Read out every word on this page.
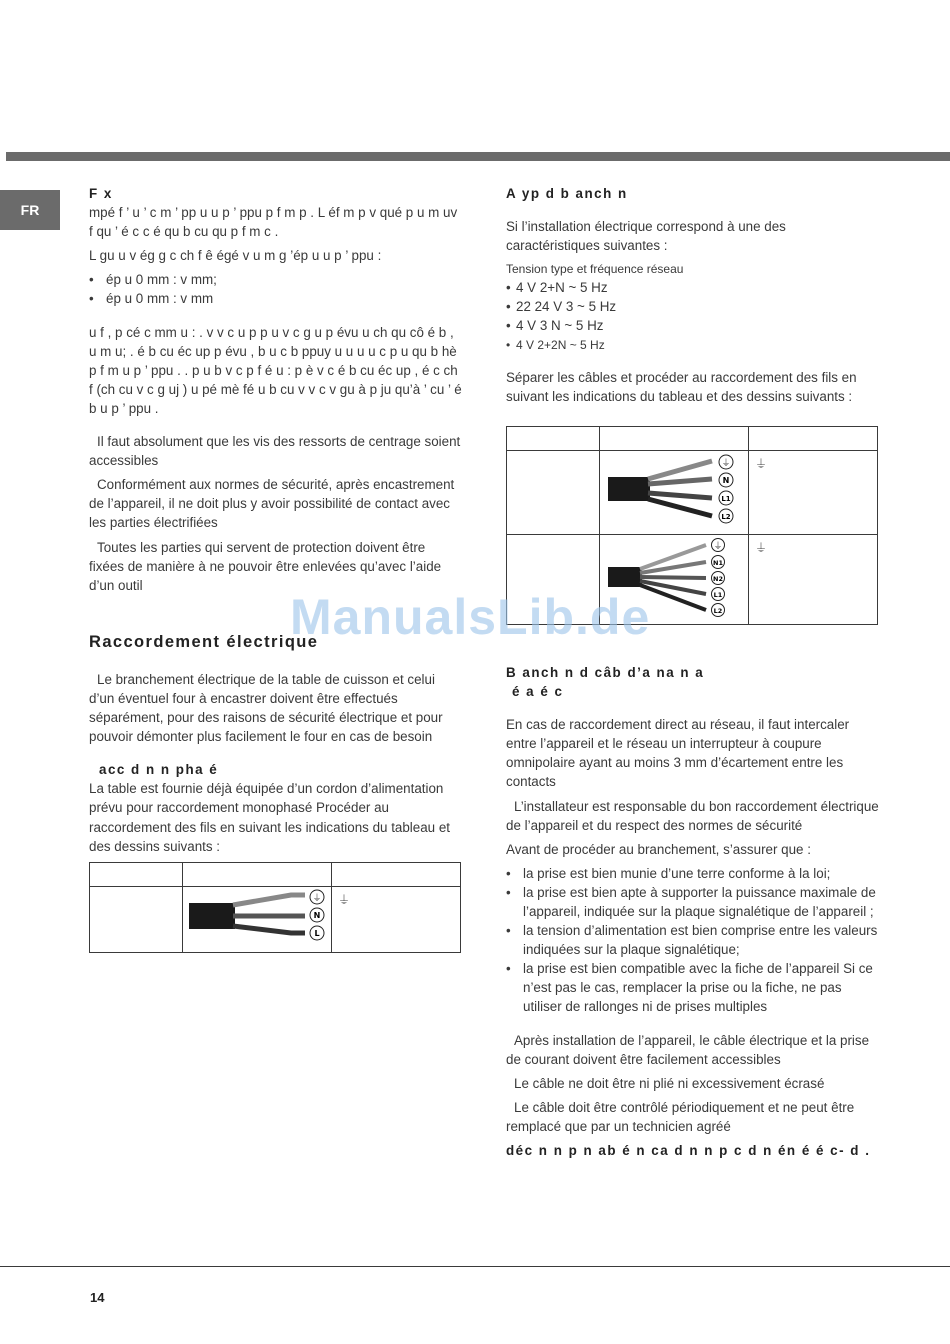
FR
F x

mpé f ’ u ’ c m ’ pp u u p ’ ppu p f m p . L éf m p v qué p u m uv f qu ’ é c c é qu b cu qu p f m c .

L gu u v ég g c ch f ê égé v u m g ’ép u u p ’ ppu :

• ép u 0 mm : v mm;
• ép u 0 mm : v mm

u f , p cé c mm u : . v v c u p p u v c g u p évu u ch qu cô é b , u m u; . é b cu éc up p évu , b u c b ppuy u u u u c p u qu b hè p f m u p ’ ppu . . p u b v c p f é u : p è v c é b cu éc up , é c ch f (ch cu v c g uj ) u pé mè fé u b cu v v c v gu à p ju qu’à ’ cu ’ é b u p ’ ppu .

Il faut absolument que les vis des ressorts de centrage soient accessibles

Conformément aux normes de sécurité, après encastrement de l’appareil, il ne doit plus y avoir possibilité de contact avec les parties électrifiées

Toutes les parties qui servent de protection doivent être fixées de manière à ne pouvoir être enlevées qu’avec l’aide d’un outil

Raccordement électrique

Le branchement électrique de la table de cuisson et celui d’un éventuel four à encastrer doivent être effectués séparément, pour des raisons de sécurité électrique et pour pouvoir démonter plus facilement le four en cas de besoin

acc d n n pha é

La table est fournie déjà équipée d’un cordon d’alimentation prévu pour raccordement monophasé Procéder au raccordement des fils en suivant les indications du tableau et des dessins suivants :

⏚
N
L	⏚
A yp d b anch n

Si l’installation électrique correspond à une des caractéristiques suivantes :

Tension type et fréquence réseau
• 4 V 2+N ~ 5 Hz
• 22 24 V 3 ~ 5 Hz
• 4 V 3 N ~ 5 Hz
• 4 V 2+2N ~ 5 Hz

Séparer les câbles et procéder au raccordement des fils en suivant les indications du tableau et des dessins suivants :

⏚
N
L1
L2	⏚

⏚
N1
N2
L1
L2	⏚
B anch n d câb d’a na n a
é a é c

En cas de raccordement direct au réseau, il faut intercaler entre l’appareil et le réseau un interrupteur à coupure omnipolaire ayant au moins 3 mm d’écartement entre les contacts

L’installateur est responsable du bon raccordement électrique de l’appareil et du respect des normes de sécurité

Avant de procéder au branchement, s’assurer que :

• la prise est bien munie d’une terre conforme à la loi;
• la prise est bien apte à supporter la puissance maximale de l’appareil, indiquée sur la plaque signalétique de l’appareil ;
• la tension d’alimentation est bien comprise entre les valeurs indiquées sur la plaque signalétique;
• la prise est bien compatible avec la fiche de l’appareil Si ce n’est pas le cas, remplacer la prise ou la fiche, ne pas utiliser de rallonges ni de prises multiples

Après installation de l’appareil, le câble électrique et la prise de courant doivent être facilement accessibles

Le câble ne doit être ni plié ni excessivement écrasé

Le câble doit être contrôlé périodiquement et ne peut être remplacé que par un technicien agréé

déc n n p n ab é n ca d n n p c d n én é é c- d .
ManualsLib.de
14
